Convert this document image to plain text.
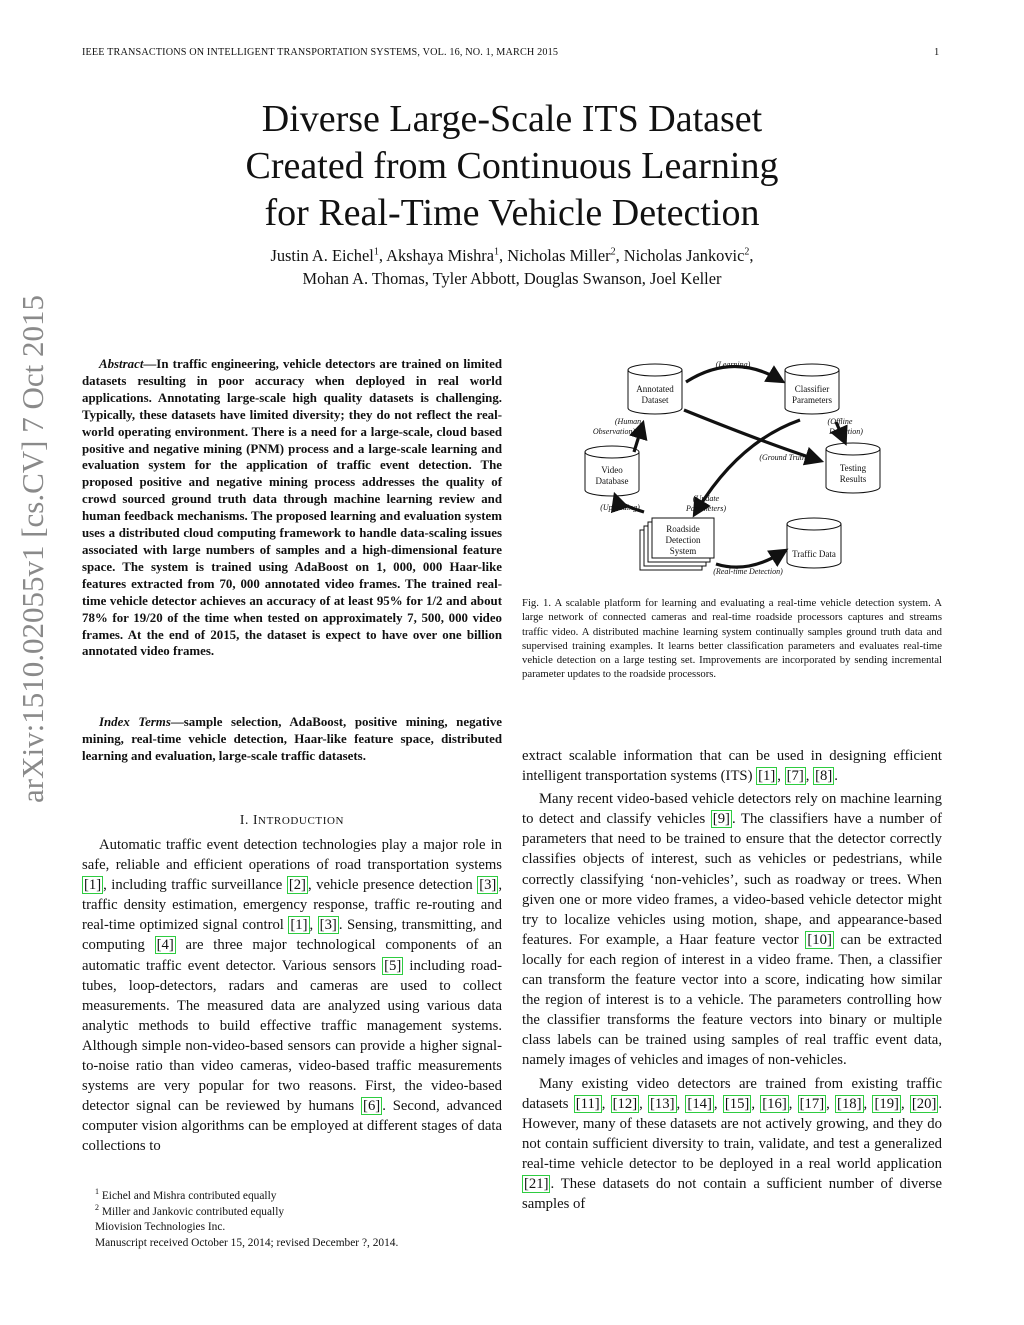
IEEE TRANSACTIONS ON INTELLIGENT TRANSPORTATION SYSTEMS, VOL. 16, NO. 1, MARCH 2015	1
Diverse Large-Scale ITS Dataset
Created from Continuous Learning
for Real-Time Vehicle Detection
Justin A. Eichel$^1$, Akshaya Mishra$^1$, Nicholas Miller$^2$, Nicholas Jankovic$^2$,
Mohan A. Thomas, Tyler Abbott, Douglas Swanson, Joel Keller
arXiv:1510.02055v1 [cs.CV] 7 Oct 2015	Abstract—In traffic engineering, vehicle detectors are trained on limited datasets resulting in poor accuracy when deployed in real world applications. Annotating large-scale high quality datasets is challenging. Typically, these datasets have limited diversity; they do not reflect the real-world operating environment. There is a need for a large-scale, cloud based positive and negative mining (PNM) process and a large-scale learning and evaluation system for the application of traffic event detection. The proposed positive and negative mining process addresses the quality of crowd sourced ground truth data through machine learning review and human feedback mechanisms. The proposed learning and evaluation system uses a distributed cloud computing framework to handle data-scaling issues associated with large numbers of samples and a high-dimensional feature space. The system is trained using AdaBoost on 1, 000, 000 Haar-like features extracted from 70, 000 annotated video frames. The trained real-time vehicle detector achieves an accuracy of at least 95% for 1/2 and about 78% for 19/20 of the time when tested on approximately 7, 500, 000 video frames. At the end of 2015, the dataset is expect to have over one billion annotated video frames.

Index Terms—sample selection, AdaBoost, positive mining, negative mining, real-time vehicle detection, Haar-like feature space, distributed learning and evaluation, large-scale traffic datasets.

I. INTRODUCTION

Automatic traffic event detection technologies play a major role in safe, reliable and efficient operations of road transportation systems [1] , including traffic surveillance [2] , vehicle presence detection [3] , traffic density estimation, emergency response, traffic re-routing and real-time optimized signal control [1] , [3] . Sensing, transmitting, and computing [4] are three major technological components of an automatic traffic event detector. Various sensors [5] including road-tubes, loop-detectors, radars and cameras are used to collect measurements. The measured data are analyzed using various data analytic methods to build effective traffic management systems. Although simple non-video-based sensors can provide a higher signal-to-noise ratio than video cameras, video-based traffic measurements systems are very popular for two reasons. First, the video-based detector signal can be reviewed by humans [6] . Second, advanced computer vision algorithms can be employed at different stages of data collections to

$^1$ Eichel and Mishra contributed equally
$^2$ Miller and Jankovic contributed equally
Miovision Technologies Inc.
Manuscript received October 15, 2014; revised December ?, 2014.
Annotated
Dataset
Classifier
Parameters
Video
Database
Testing
Results
Traffic Data
Roadside
Detection
System
(Learning)
(Human
Observation)
(Offline
Detection)
(Ground Truth)
(Update
Parameters)
(Uploading)
(Real-time Detection)
Fig. 1. A scalable platform for learning and evaluating a real-time vehicle detection system. A large network of connected cameras and real-time roadside processors captures and streams traffic video. A distributed machine learning system continually samples ground truth data and supervised training examples. It learns better classification parameters and evaluates real-time vehicle detection on a large testing set. Improvements are incorporated by sending incremental parameter updates to the roadside processors.

extract scalable information that can be used in designing efficient intelligent transportation systems (ITS) [1] , [7] , [8] .

Many recent video-based vehicle detectors rely on machine learning to detect and classify vehicles [9] . The classifiers have a number of parameters that need to be trained to ensure that the detector correctly classifies objects of interest, such as vehicles or pedestrians, while correctly classifying ‘non-vehicles’, such as roadway or trees. When given one or more video frames, a video-based vehicle detector might try to localize vehicles using motion, shape, and appearance-based features. For example, a Haar feature vector [10] can be extracted locally for each region of interest in a video frame. Then, a classifier can transform the feature vector into a score, indicating how similar the region of interest is to a vehicle. The parameters controlling how the classifier transforms the feature vectors into binary or multiple class labels can be trained using samples of real traffic event data, namely images of vehicles and images of non-vehicles.

Many existing video detectors are trained from existing traffic datasets [11] , [12] , [13] , [14] , [15] , [16] , [17] , [18] , [19] , [20] . However, many of these datasets are not actively growing, and they do not contain sufficient diversity to train, validate, and test a generalized real-time vehicle detector to be deployed in a real world application [21] . These datasets do not contain a sufficient number of diverse samples of
